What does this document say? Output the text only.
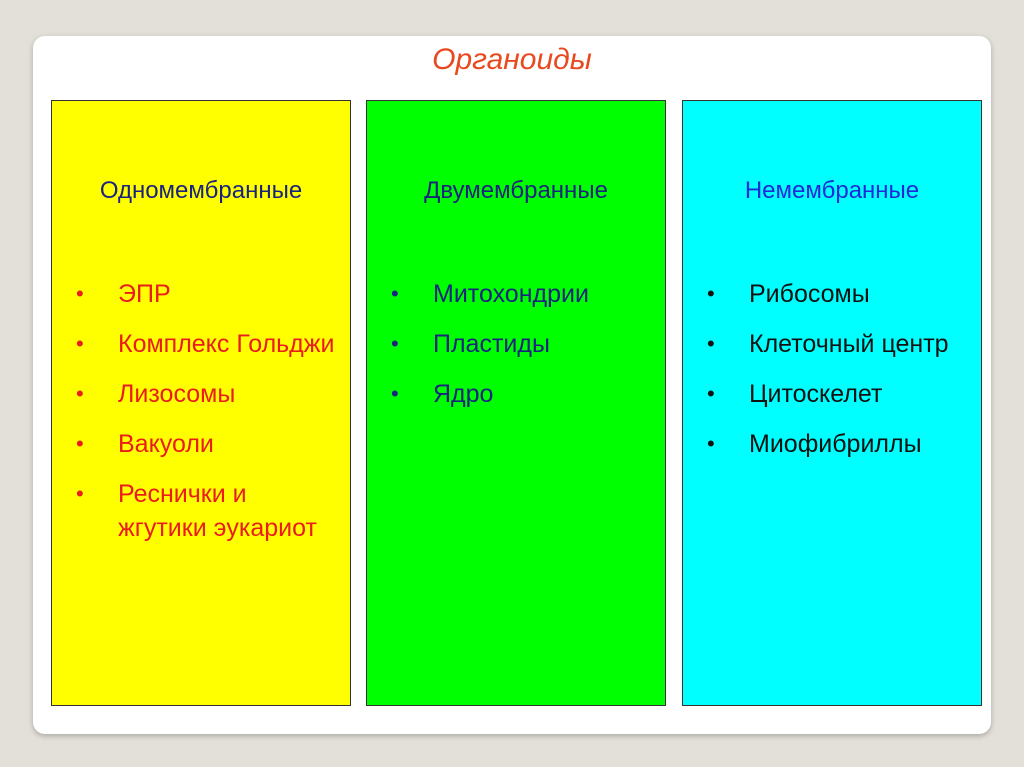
Органоиды
Одномембранные
•	ЭПР
•	Комплекс Гольджи
•	Лизосомы
•	Вакуоли
•	Реснички и жгутики эукариот
Двумембранные
•	Митохондрии
•	Пластиды
•	Ядро
Немембранные
•	Рибосомы
•	Клеточный центр
•	Цитоскелет
•	Миофибриллы
